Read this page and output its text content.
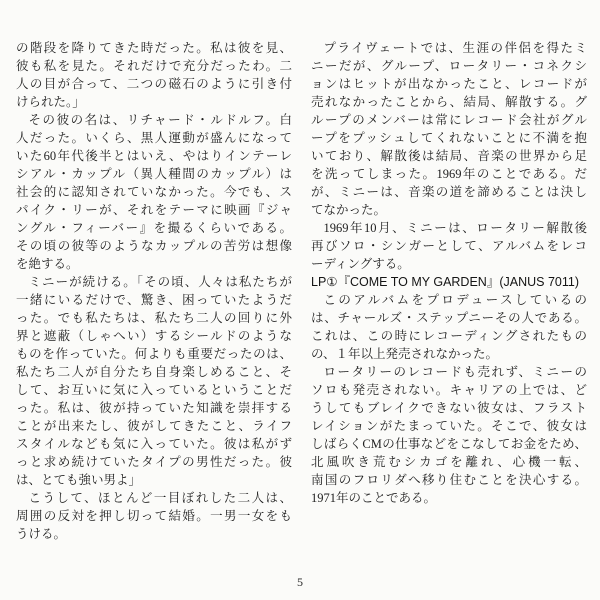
の階段を降りてきた時だった。私は彼を見、
彼も私を見た。それだけで充分だったわ。二
人の目が合って、二つの磁石のように引き付
けられた。」
その彼の名は、リチャード・ルドルフ。白
人だった。いくら、黒人運動が盛んになって
いた60年代後半とはいえ、やはりインテーレ
シアル・カップル（異人種間のカップル）は
社会的に認知されていなかった。今でも、ス
パイク・リーが、それをテーマに映画『ジャ
ングル・フィーバー』を撮るくらいである。
その頃の彼等のようなカップルの苦労は想像
を絶する。
ミニーが続ける。「その頃、人々は私たちが
一緒にいるだけで、驚き、困っていたようだ
った。でも私たちは、私たち二人の回りに外
界と遮蔽（しゃへい）するシールドのような
ものを作っていた。何よりも重要だったのは、
私たち二人が自分たち自身楽しめること、そ
して、お互いに気に入っているということだ
った。私は、彼が持っていた知識を崇拝する
ことが出来たし、彼がしてきたこと、ライフ
スタイルなども気に入っていた。彼は私がず
っと求め続けていたタイプの男性だった。彼
は、とても強い男よ」
こうして、ほとんど一目ぼれした二人は、
周囲の反対を押し切って結婚。一男一女をも
うける。
プライヴェートでは、生涯の伴侶を得たミ
ニーだが、グループ、ロータリー・コネクシ
ョンはヒットが出なかったこと、レコードが
売れなかったことから、結局、解散する。グ
ループのメンバーは常にレコード会社がグル
ープをプッシュしてくれないことに不満を抱
いており、解散後は結局、音楽の世界から足
を洗ってしまった。1969年のことである。だ
が、ミニーは、音楽の道を諦めることは決し
てなかった。
1969年10月、ミニーは、ロータリー解散後
再びソロ・シンガーとして、アルバムをレコ
ーディングする。
LP①『COME TO MY GARDEN』(JANUS 7011)
このアルバムをプロデュースしているの
は、チャールズ・ステップニーその人である。
これは、この時にレコーディングされたもの
の、１年以上発売されなかった。
ロータリーのレコードも売れず、ミニーの
ソロも発売されない。キャリアの上では、ど
うしてもブレイクできない彼女は、フラスト
レイションがたまっていた。そこで、彼女は
しばらくCMの仕事などをこなしてお金をため、
北風吹き荒むシカゴを離れ、心機一転、
南国のフロリダへ移り住むことを決心する。
1971年のことである。
5
